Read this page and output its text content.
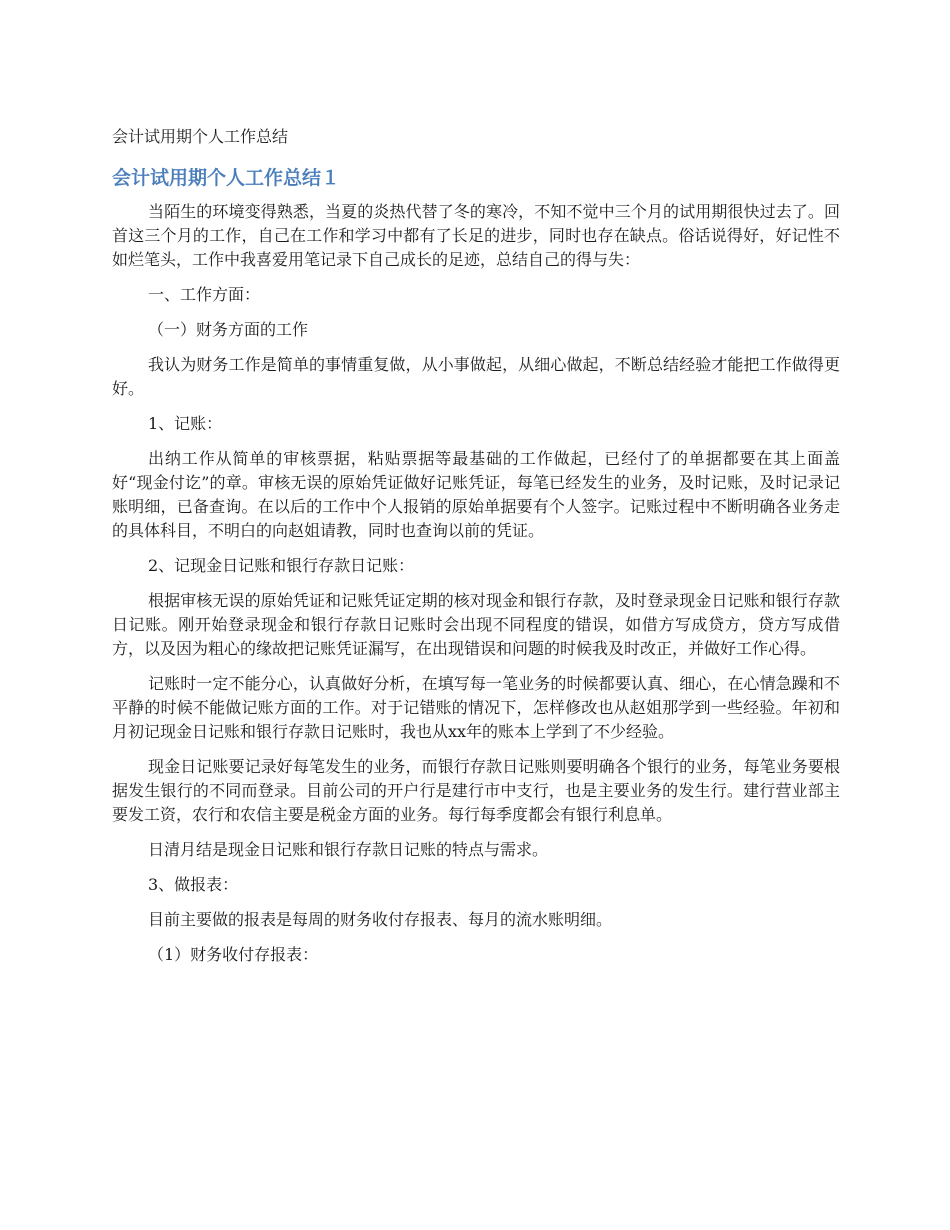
会计试用期个人工作总结
会计试用期个人工作总结１

当陌生的环境变得熟悉，当夏的炎热代替了冬的寒冷，不知不觉中三个月的试用期很快过去了。回首这三个月的工作，自己在工作和学习中都有了长足的进步，同时也存在缺点。俗话说得好，好记性不如烂笔头，工作中我喜爱用笔记录下自己成长的足迹，总结自己的得与失：

一、工作方面：

（一）财务方面的工作

我认为财务工作是简单的事情重复做，从小事做起，从细心做起，不断总结经验才能把工作做得更好。

1、记账：

出纳工作从简单的审核票据，粘贴票据等最基础的工作做起，已经付了的单据都要在其上面盖好“现金付讫”的章。审核无误的原始凭证做好记账凭证，每笔已经发生的业务，及时记账，及时记录记账明细，已备查询。在以后的工作中个人报销的原始单据要有个人签字。记账过程中不断明确各业务走的具体科目，不明白的向赵姐请教，同时也查询以前的凭证。

2、记现金日记账和银行存款日记账：

根据审核无误的原始凭证和记账凭证定期的核对现金和银行存款，及时登录现金日记账和银行存款日记账。刚开始登录现金和银行存款日记账时会出现不同程度的错误，如借方写成贷方，贷方写成借方，以及因为粗心的缘故把记账凭证漏写，在出现错误和问题的时候我及时改正，并做好工作心得。

记账时一定不能分心，认真做好分析，在填写每一笔业务的时候都要认真、细心，在心情急躁和不平静的时候不能做记账方面的工作。对于记错账的情况下，怎样修改也从赵姐那学到一些经验。年初和月初记现金日记账和银行存款日记账时，我也从xx年的账本上学到了不少经验。

现金日记账要记录好每笔发生的业务，而银行存款日记账则要明确各个银行的业务，每笔业务要根据发生银行的不同而登录。目前公司的开户行是建行市中支行，也是主要业务的发生行。建行营业部主要发工资，农行和农信主要是税金方面的业务。每行每季度都会有银行利息单。

日清月结是现金日记账和银行存款日记账的特点与需求。

3、做报表：

目前主要做的报表是每周的财务收付存报表、每月的流水账明细。

（1）财务收付存报表：
